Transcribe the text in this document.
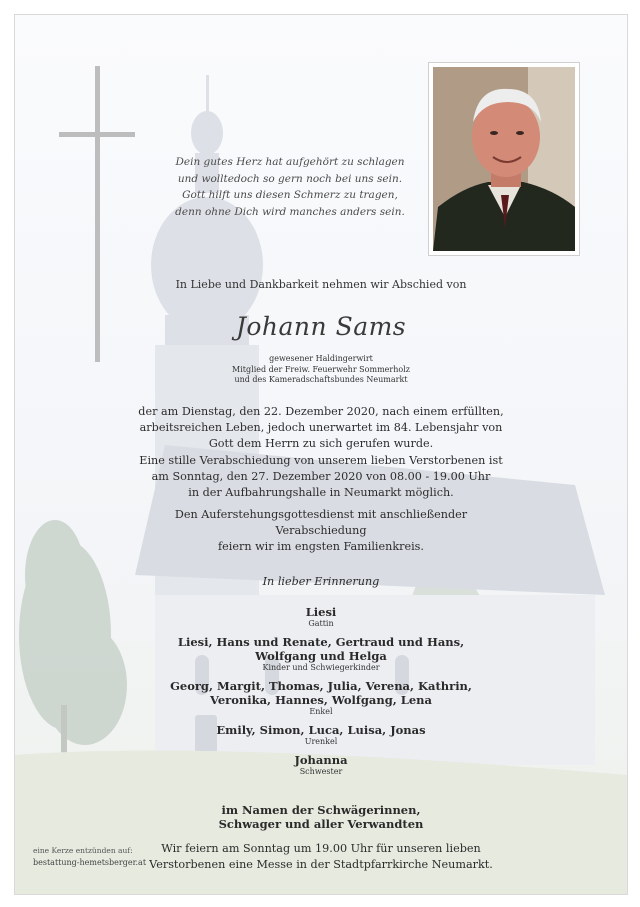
Dein gutes Herz hat aufgehört zu schlagen
und wolltedoch so gern noch bei uns sein.
Gott hilft uns diesen Schmerz zu tragen,
denn ohne Dich wird manches anders sein.
In Liebe und Dankbarkeit nehmen wir Abschied von
Johann Sams
gewesener Haldingerwirt
Mitglied der Freiw. Feuerwehr Sommerholz
und des Kameradschaftsbundes Neumarkt
der am Dienstag, den 22. Dezember 2020, nach einem erfüllten,
arbeitsreichen Leben, jedoch unerwartet im 84. Lebensjahr von
Gott dem Herrn zu sich gerufen wurde.
Eine stille Verabschiedung von unserem lieben Verstorbenen ist
am Sonntag, den 27. Dezember 2020 von 08.00 - 19.00 Uhr
in der Aufbahrungshalle in Neumarkt möglich.
Den Auferstehungsgottesdienst mit anschließender Verabschiedung
feiern wir im engsten Familienkreis.
In lieber Erinnerung
Liesi
Gattin
Liesi, Hans und Renate, Gertraud und Hans,
Wolfgang und Helga
Kinder und Schwiegerkinder
Georg, Margit, Thomas, Julia, Verena, Kathrin,
Veronika, Hannes, Wolfgang, Lena
Enkel
Emily, Simon, Luca, Luisa, Jonas
Urenkel
Johanna
Schwester
im Namen der Schwägerinnen,
Schwager und aller Verwandten
Wir feiern am Sonntag um 19.00 Uhr für unseren lieben
Verstorbenen eine Messe in der Stadtpfarrkirche Neumarkt.
eine Kerze entzünden auf:
bestattung-hemetsberger.at
